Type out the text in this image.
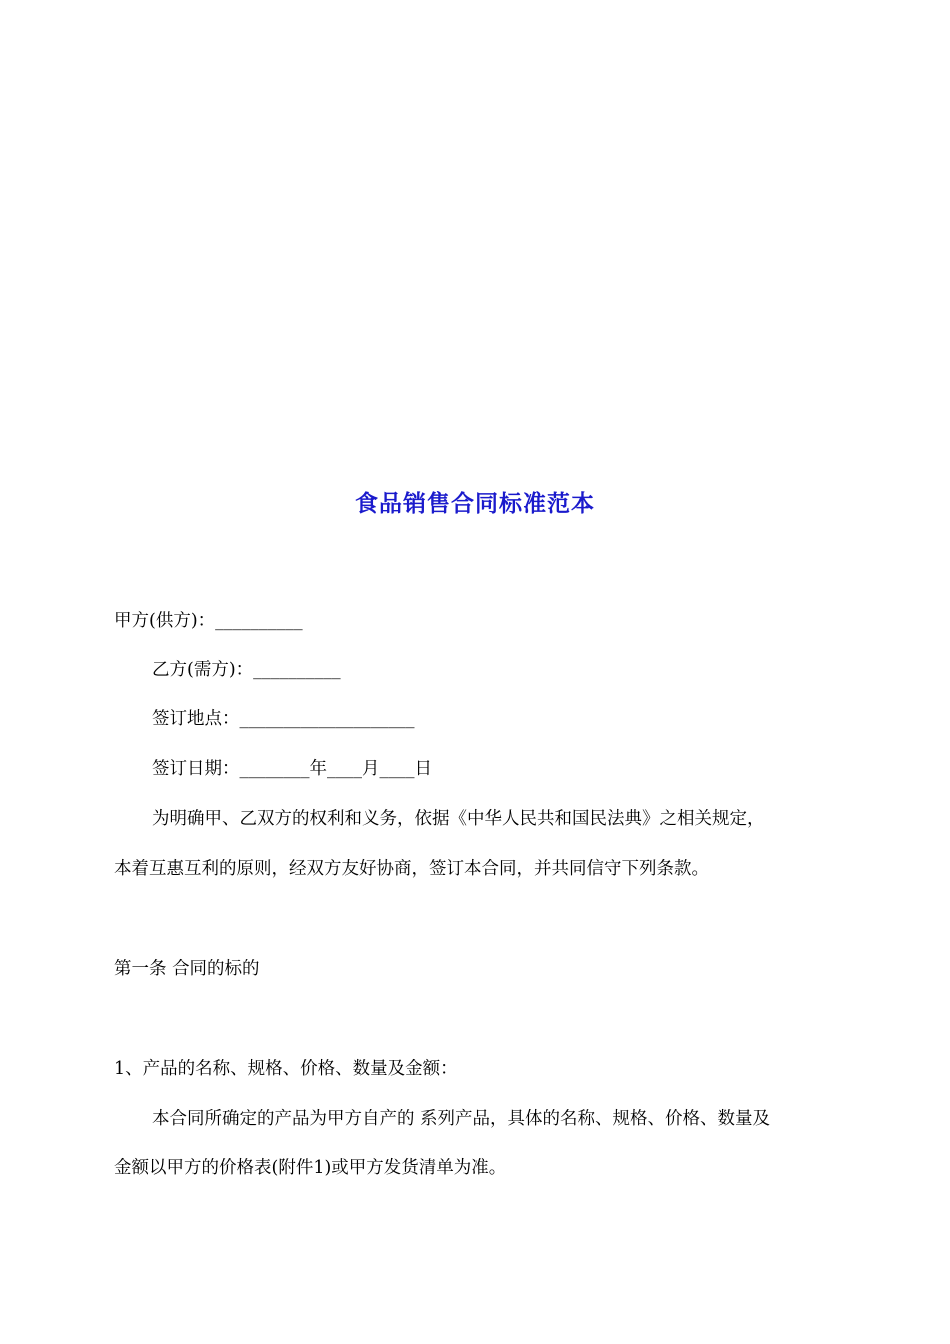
食品销售合同标准范本
甲方(供方)：__________
乙方(需方)：__________
签订地点：____________________
签订日期：________年____月____日
为明确甲、乙双方的权利和义务，依据《中华人民共和国民法典》之相关规定，
本着互惠互利的原则，经双方友好协商，签订本合同，并共同信守下列条款。
第一条 合同的标的
1、产品的名称、规格、价格、数量及金额：
本合同所确定的产品为甲方自产的 系列产品，具体的名称、规格、价格、数量及
金额以甲方的价格表(附件1)或甲方发货清单为准。
